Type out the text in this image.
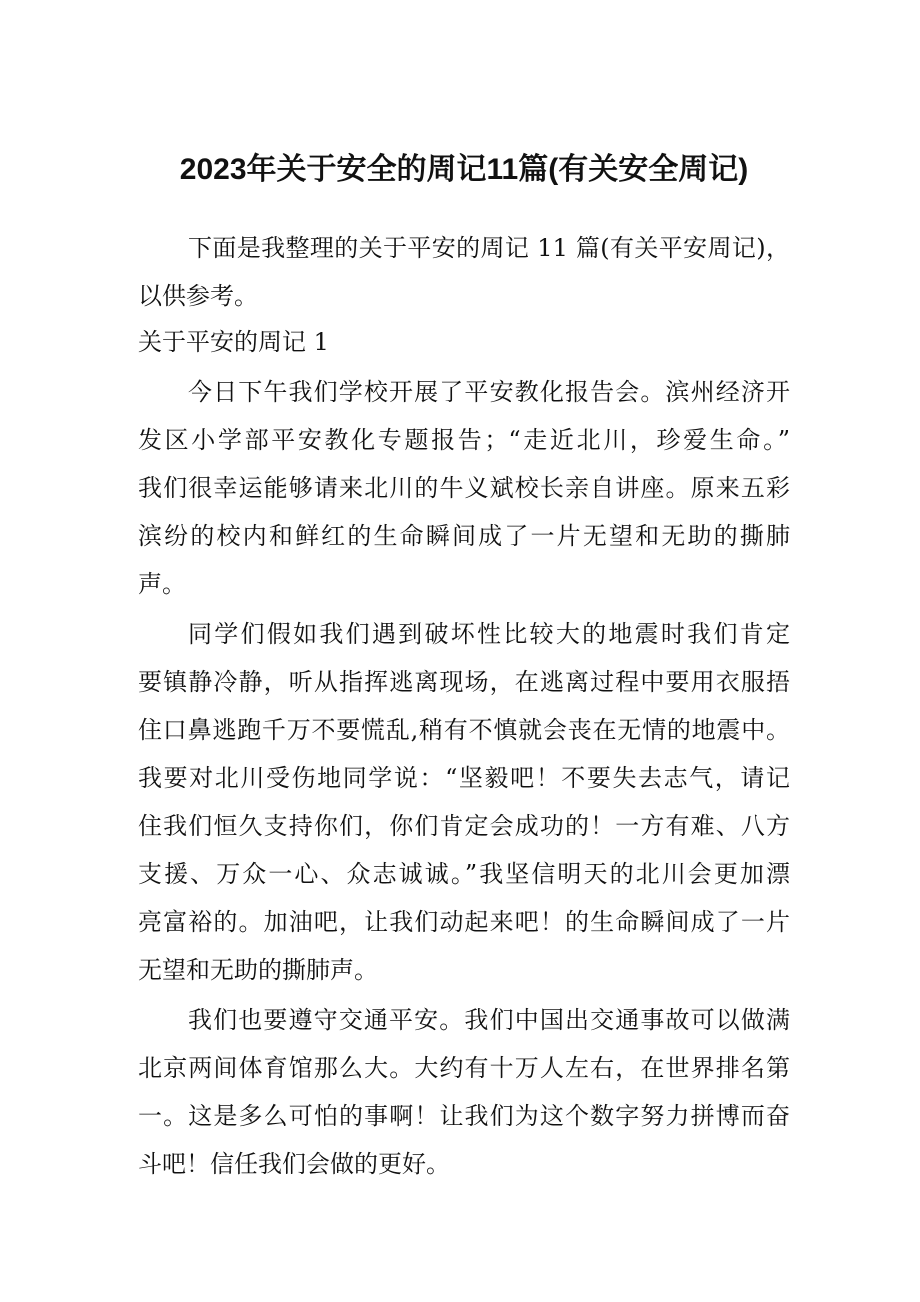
2023年关于安全的周记11篇(有关安全周记)
下面是我整理的关于平安的周记 11 篇(有关平安周记)，
以供参考。
关于平安的周记 1
今日下午我们学校开展了平安教化报告会。滨州经济开
发区小学部平安教化专题报告；“走近北川，珍爱生命。”
我们很幸运能够请来北川的牛义斌校长亲自讲座。原来五彩
滨纷的校内和鲜红的生命瞬间成了一片无望和无助的撕肺
声。
同学们假如我们遇到破坏性比较大的地震时我们肯定
要镇静冷静，听从指挥逃离现场，在逃离过程中要用衣服捂
住口鼻逃跑千万不要慌乱,稍有不慎就会丧在无情的地震中。
我要对北川受伤地同学说：“坚毅吧！不要失去志气，请记
住我们恒久支持你们，你们肯定会成功的！一方有难、八方
支援、万众一心、众志诚诚。”我坚信明天的北川会更加漂
亮富裕的。加油吧，让我们动起来吧！的生命瞬间成了一片
无望和无助的撕肺声。
我们也要遵守交通平安。我们中国出交通事故可以做满
北京两间体育馆那么大。大约有十万人左右，在世界排名第
一。这是多么可怕的事啊！让我们为这个数字努力拼博而奋
斗吧！信任我们会做的更好。
